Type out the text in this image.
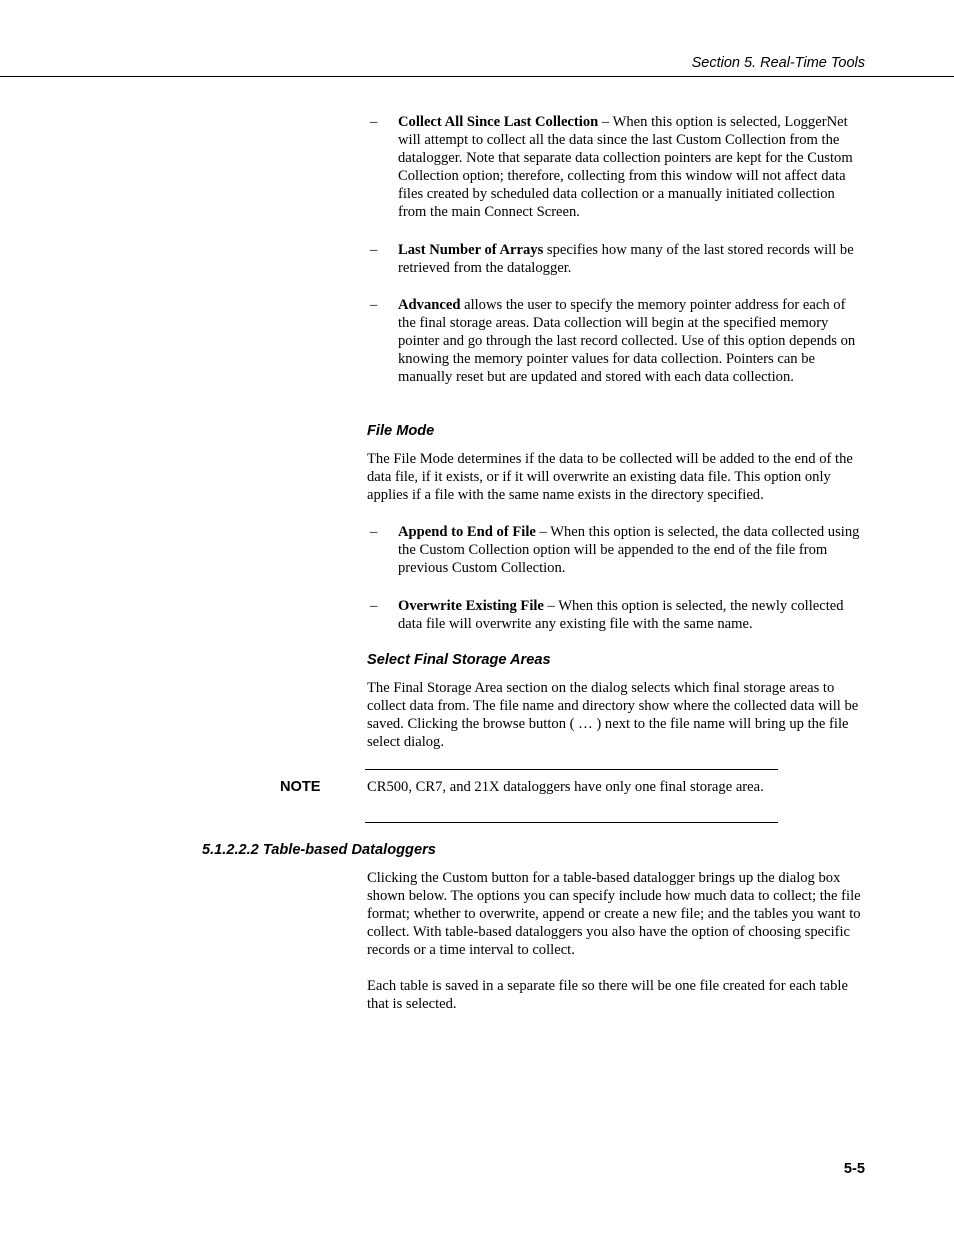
Section 5. Real-Time Tools
– Collect All Since Last Collection – When this option is selected, LoggerNet will attempt to collect all the data since the last Custom Collection from the datalogger. Note that separate data collection pointers are kept for the Custom Collection option; therefore, collecting from this window will not affect data files created by scheduled data collection or a manually initiated collection from the main Connect Screen.
– Last Number of Arrays specifies how many of the last stored records will be retrieved from the datalogger.
– Advanced allows the user to specify the memory pointer address for each of the final storage areas. Data collection will begin at the specified memory pointer and go through the last record collected. Use of this option depends on knowing the memory pointer values for data collection. Pointers can be manually reset but are updated and stored with each data collection.
File Mode
The File Mode determines if the data to be collected will be added to the end of the data file, if it exists, or if it will overwrite an existing data file. This option only applies if a file with the same name exists in the directory specified.
– Append to End of File – When this option is selected, the data collected using the Custom Collection option will be appended to the end of the file from previous Custom Collection.
– Overwrite Existing File – When this option is selected, the newly collected data file will overwrite any existing file with the same name.
Select Final Storage Areas
The Final Storage Area section on the dialog selects which final storage areas to collect data from. The file name and directory show where the collected data will be saved. Clicking the browse button ( … ) next to the file name will bring up the file select dialog.
NOTE	CR500, CR7, and 21X dataloggers have only one final storage area.
5.1.2.2.2 Table-based Dataloggers
Clicking the Custom button for a table-based datalogger brings up the dialog box shown below. The options you can specify include how much data to collect; the file format; whether to overwrite, append or create a new file; and the tables you want to collect. With table-based dataloggers you also have the option of choosing specific records or a time interval to collect.
Each table is saved in a separate file so there will be one file created for each table that is selected.
5-5
